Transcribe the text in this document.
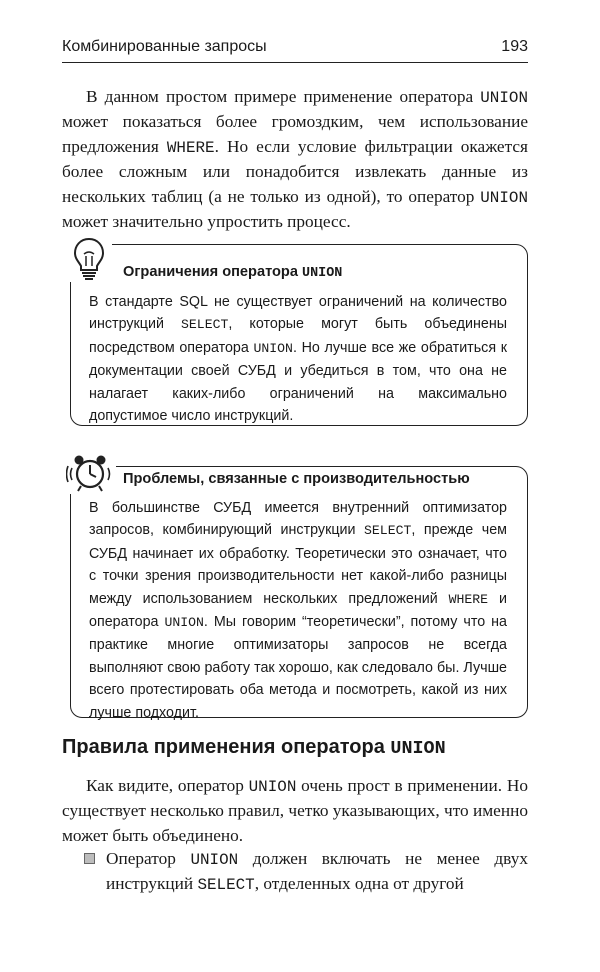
Комбинированные запросы	193

В данном простом примере применение оператора UNION может показаться более громоздким, чем использование предложения WHERE. Но если условие фильтрации окажется более сложным или понадобится извлекать данные из нескольких таблиц (а не только из одной), то оператор UNION может значительно упростить процесс.

Ограничения оператора UNION
В стандарте SQL не существует ограничений на количество инструкций SELECT, которые могут быть объединены посредством оператора UNION. Но лучше все же обратиться к документации своей СУБД и убедиться в том, что она не налагает каких-либо ограничений на максимально допустимое число инструкций.
Проблемы, связанные с производительностью
В большинстве СУБД имеется внутренний оптимизатор запросов, комбинирующий инструкции SELECT, прежде чем СУБД начинает их обработку. Теоретически это означает, что с точки зрения производительности нет какой-либо разницы между использованием нескольких предложений WHERE и оператора UNION. Мы говорим “теоретически”, потому что на практике многие оптимизаторы запросов не всегда выполняют свою работу так хорошо, как следовало бы. Лучше всего протестировать оба метода и посмотреть, какой из них лучше подходит.
Правила применения оператора UNION

Как видите, оператор UNION очень прост в применении. Но существует несколько правил, четко указывающих, что именно может быть объединено.

Оператор UNION должен включать не менее двух инструкций SELECT, отделенных одна от другой
